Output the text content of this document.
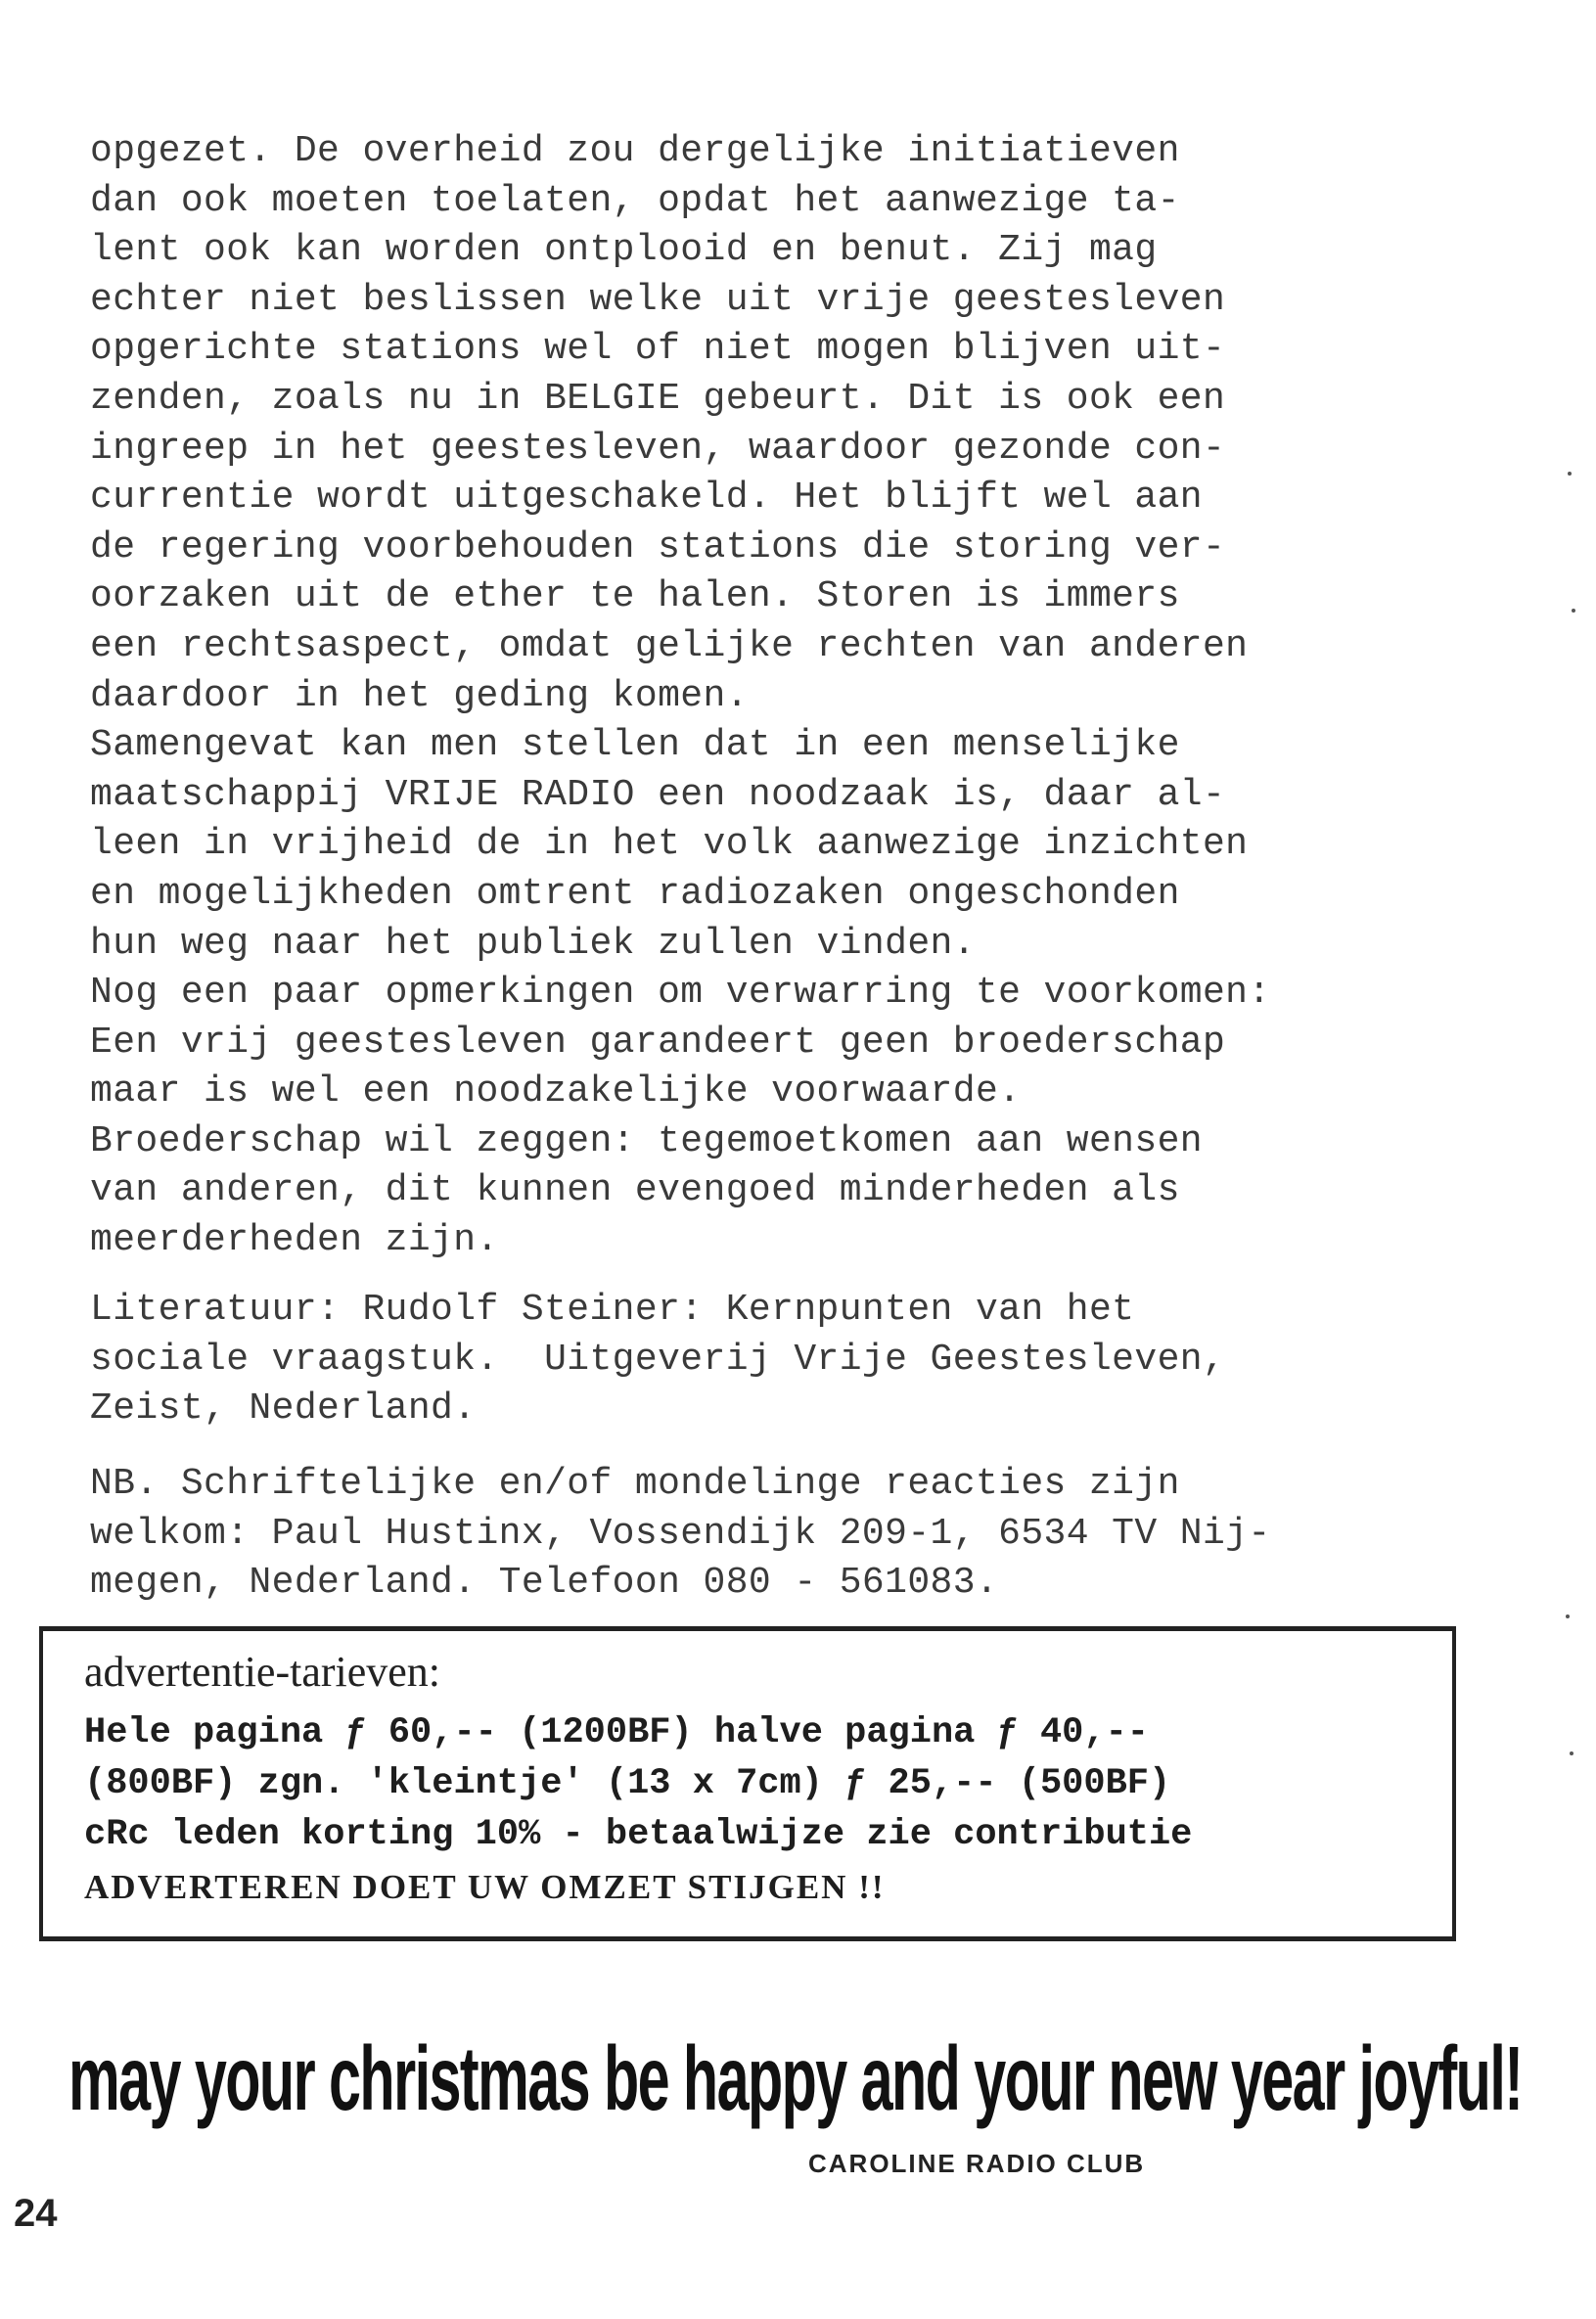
opgezet. De overheid zou dergelijke initiatieven
dan ook moeten toelaten, opdat het aanwezige ta-
lent ook kan worden ontplooid en benut. Zij mag
echter niet beslissen welke uit vrije geestesleven
opgerichte stations wel of niet mogen blijven uit-
zenden, zoals nu in BELGIE gebeurt. Dit is ook een
ingreep in het geestesleven, waardoor gezonde con-
currentie wordt uitgeschakeld. Het blijft wel aan
de regering voorbehouden stations die storing ver-
oorzaken uit de ether te halen. Storen is immers
een rechtsaspect, omdat gelijke rechten van anderen
daardoor in het geding komen.
Samengevat kan men stellen dat in een menselijke
maatschappij VRIJE RADIO een noodzaak is, daar al-
leen in vrijheid de in het volk aanwezige inzichten
en mogelijkheden omtrent radiozaken ongeschonden
hun weg naar het publiek zullen vinden.
Nog een paar opmerkingen om verwarring te voorkomen:
Een vrij geestesleven garandeert geen broederschap
maar is wel een noodzakelijke voorwaarde.
Broederschap wil zeggen: tegemoetkomen aan wensen
van anderen, dit kunnen evengoed minderheden als
meerderheden zijn.
Literatuur: Rudolf Steiner: Kernpunten van het
sociale vraagstuk.  Uitgeverij Vrije Geestesleven,
Zeist, Nederland.
NB. Schriftelijke en/of mondelinge reacties zijn
welkom: Paul Hustinx, Vossendijk 209-1, 6534 TV Nij-
megen, Nederland. Telefoon 080 - 561083.
advertentie-tarieven:
Hele pagina ƒ 60,-- (1200BF) halve pagina ƒ 40,--
(800BF) zgn. 'kleintje' (13 x 7cm) ƒ 25,-- (500BF)
cRc leden korting 10% - betaalwijze zie contributie
ADVERTEREN DOET UW OMZET STIJGEN !!
may your christmas be happy and your new year joyful!
CAROLINE RADIO CLUB
24
